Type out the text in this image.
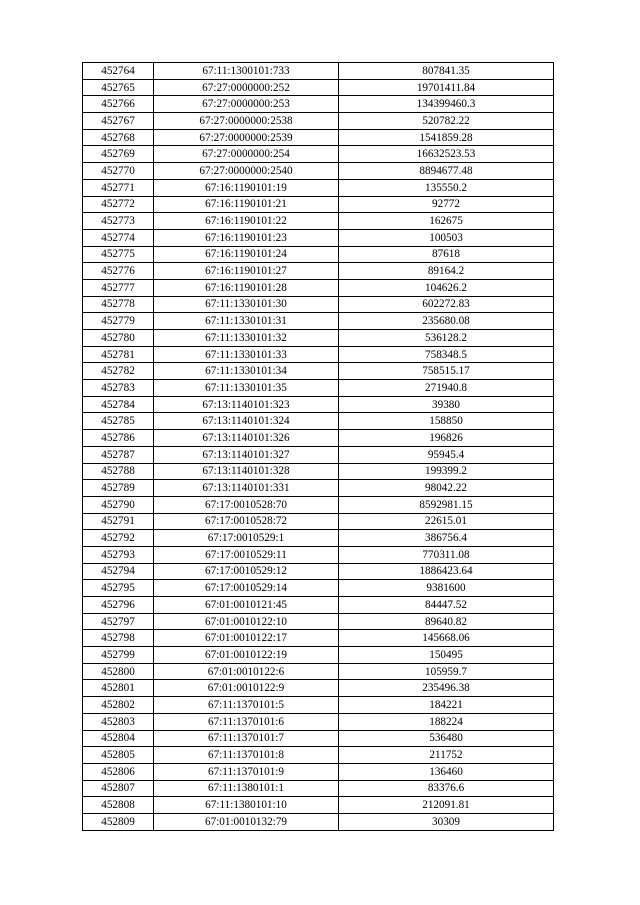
452764	67:11:1300101:733	807841.35
452765	67:27:0000000:252	19701411.84
452766	67:27:0000000:253	134399460.3
452767	67:27:0000000:2538	520782.22
452768	67:27:0000000:2539	1541859.28
452769	67:27:0000000:254	16632523.53
452770	67:27:0000000:2540	8894677.48
452771	67:16:1190101:19	135550.2
452772	67:16:1190101:21	92772
452773	67:16:1190101:22	162675
452774	67:16:1190101:23	100503
452775	67:16:1190101:24	87618
452776	67:16:1190101:27	89164.2
452777	67:16:1190101:28	104626.2
452778	67:11:1330101:30	602272.83
452779	67:11:1330101:31	235680.08
452780	67:11:1330101:32	536128.2
452781	67:11:1330101:33	758348.5
452782	67:11:1330101:34	758515.17
452783	67:11:1330101:35	271940.8
452784	67:13:1140101:323	39380
452785	67:13:1140101:324	158850
452786	67:13:1140101:326	196826
452787	67:13:1140101:327	95945.4
452788	67:13:1140101:328	199399.2
452789	67:13:1140101:331	98042.22
452790	67:17:0010528:70	8592981.15
452791	67:17:0010528:72	22615.01
452792	67:17:0010529:1	386756.4
452793	67:17:0010529:11	770311.08
452794	67:17:0010529:12	1886423.64
452795	67:17:0010529:14	9381600
452796	67:01:0010121:45	84447.52
452797	67:01:0010122:10	89640.82
452798	67:01:0010122:17	145668.06
452799	67:01:0010122:19	150495
452800	67:01:0010122:6	105959.7
452801	67:01:0010122:9	235496.38
452802	67:11:1370101:5	184221
452803	67:11:1370101:6	188224
452804	67:11:1370101:7	536480
452805	67:11:1370101:8	211752
452806	67:11:1370101:9	136460
452807	67:11:1380101:1	83376.6
452808	67:11:1380101:10	212091.81
452809	67:01:0010132:79	30309
